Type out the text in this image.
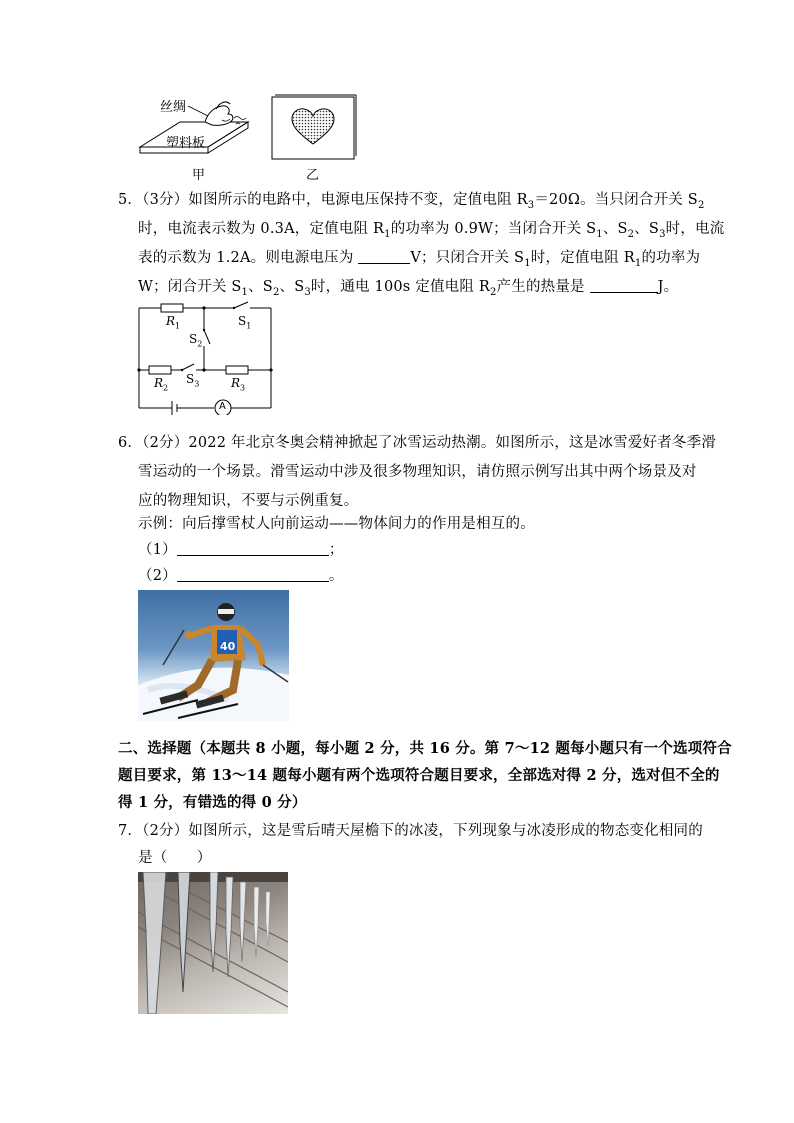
丝绸
塑料板
甲	乙
5．（3分）如图所示的电路中，电源电压保持不变，定值电阻 $R_3=20\Omega$。当只闭合开关 $S_2$
时，电流表示数为 0.3A，定值电阻 $R_1$的功率为 0.9W；当闭合开关 $S_1$、$S_2$、$S_3$时，电流
表的示数为 1.2A。则电源电压为	V；只闭合开关 $S_1$时，定值电阻 $R_1$的功率为
W；闭合开关 $S_1$、$S_2$、$S_3$时，通电 100s 定值电阻 $R_2$产生的热量是	J。
$R_1$	$S_1$
$S_2$
$R_2$
$S_3$	$R_3$
A
6．（2分）2022 年北京冬奥会精神掀起了冰雪运动热潮。如图所示，这是冰雪爱好者冬季滑
雪运动的一个场景。滑雪运动中涉及很多物理知识，请仿照示例写出其中两个场景及对
应的物理知识，不要与示例重复。
示例：向后撑雪杖人向前运动——物体间力的作用是相互的。
（1）	；
（2）	。
40
二、选择题（本题共 8 小题，每小题 2 分，共 16 分。第 7～12 题每小题只有一个选项符合
题目要求，第 13～14 题每小题有两个选项符合题目要求，全部选对得 2 分，选对但不全的
得 1 分，有错选的得 0 分）
7．（2分）如图所示，这是雪后晴天屋檐下的冰凌，下列现象与冰凌形成的物态变化相同的
是（　　）
